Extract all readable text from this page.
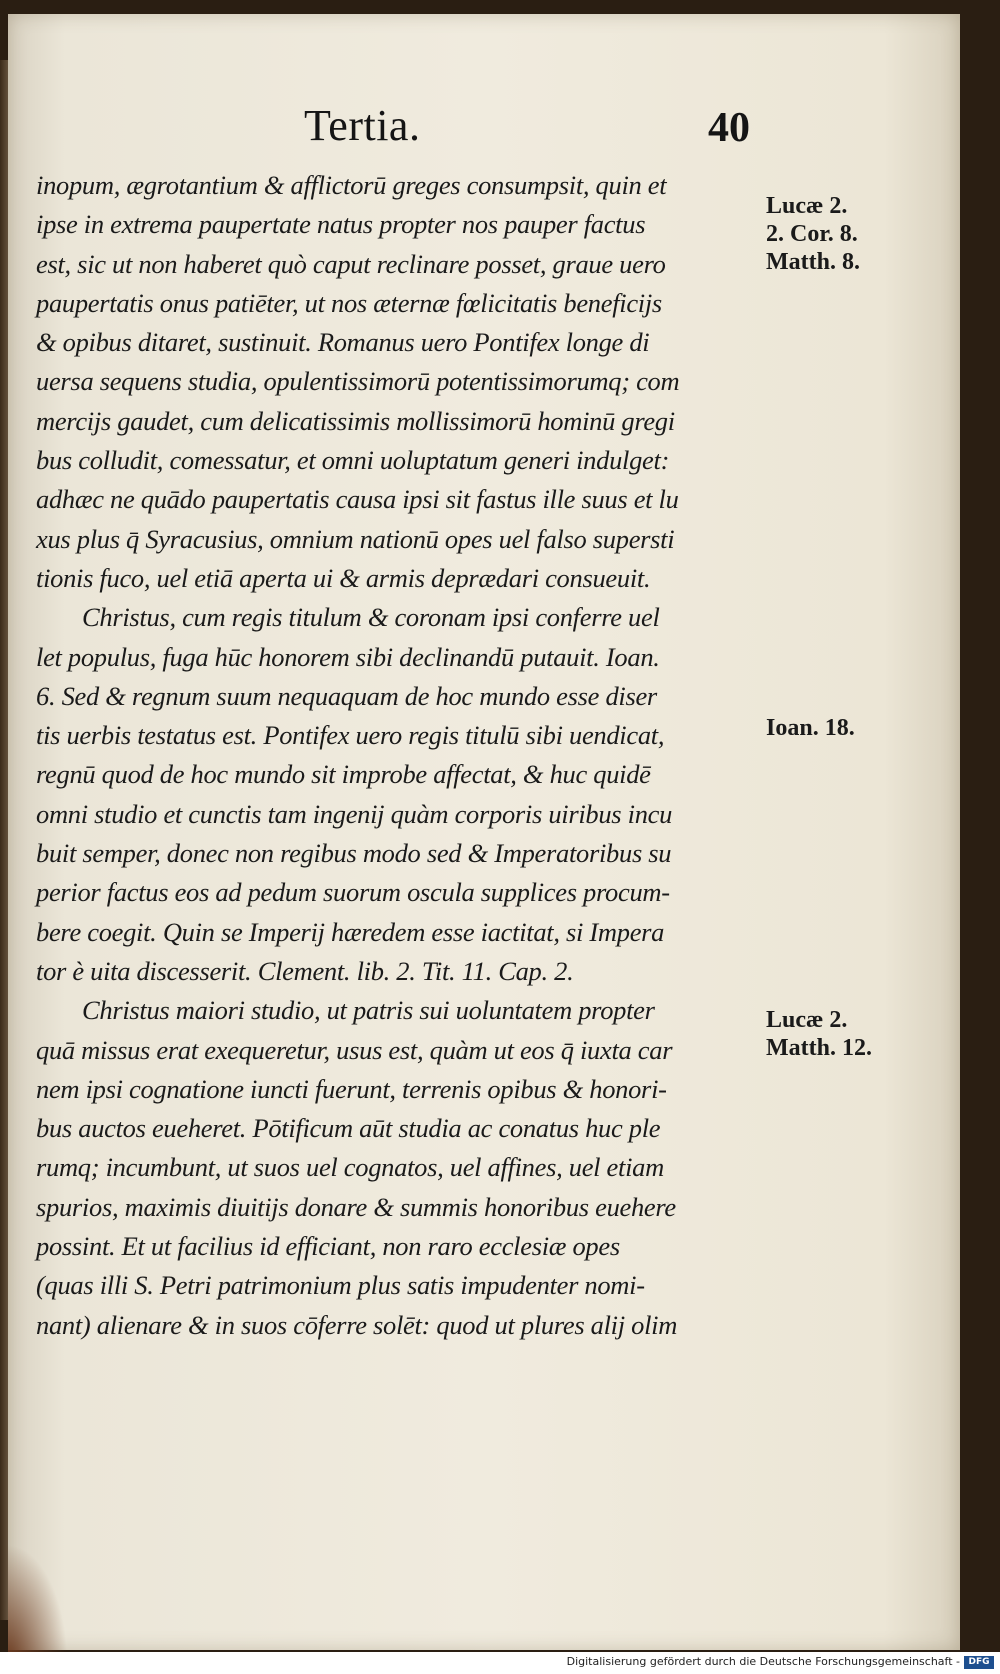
Tertia.	40
inopum, ægrotantium & afflictorū greges consumpsit, quin et
ipse in extrema paupertate natus propter nos pauper factus
est, sic ut non haberet quò caput reclinare posset, graue uero
paupertatis onus patiēter, ut nos æternæ fœlicitatis beneficijs
& opibus ditaret, sustinuit. Romanus uero Pontifex longe di
uersa sequens studia, opulentissimorū potentissimorumq; com
mercijs gaudet, cum delicatissimis mollissimorū hominū gregi
bus colludit, comessatur, et omni uoluptatum generi indulget:
adhæc ne quādo paupertatis causa ipsi sit fastus ille suus et lu
xus plus q̄ Syracusius, omnium nationū opes uel falso supersti
tionis fuco, uel etiā aperta ui & armis deprædari consueuit.
Christus, cum regis titulum & coronam ipsi conferre uel
let populus, fuga hūc honorem sibi declinandū putauit. Ioan.
6. Sed & regnum suum nequaquam de hoc mundo esse diser
tis uerbis testatus est. Pontifex uero regis titulū sibi uendicat,
regnū quod de hoc mundo sit improbe affectat, & huc quidē
omni studio et cunctis tam ingenij quàm corporis uiribus incu
buit semper, donec non regibus modo sed & Imperatoribus su
perior factus eos ad pedum suorum oscula supplices procum-
bere coegit. Quin se Imperij hæredem esse iactitat, si Impera
tor è uita discesserit. Clement. lib. 2. Tit. 11. Cap. 2.
Christus maiori studio, ut patris sui uoluntatem propter
quā missus erat exequeretur, usus est, quàm ut eos q̄ iuxta car
nem ipsi cognatione iuncti fuerunt, terrenis opibus & honori-
bus auctos eueheret. Pōtificum aūt studia ac conatus huc ple
rumq; incumbunt, ut suos uel cognatos, uel affines, uel etiam
spurios, maximis diuitijs donare & summis honoribus euehere
possint. Et ut facilius id efficiant, non raro ecclesiæ opes
(quas illi S. Petri patrimonium plus satis impudenter nomi-
nant) alienare & in suos cōferre solēt: quod ut plures alij olim
Lucæ 2.
2. Cor. 8.
Matth. 8.
Ioan. 18.
Lucæ 2.
Matth. 12.
Digitalisierung gefördert durch die Deutsche Forschungsgemeinschaft - DFG
